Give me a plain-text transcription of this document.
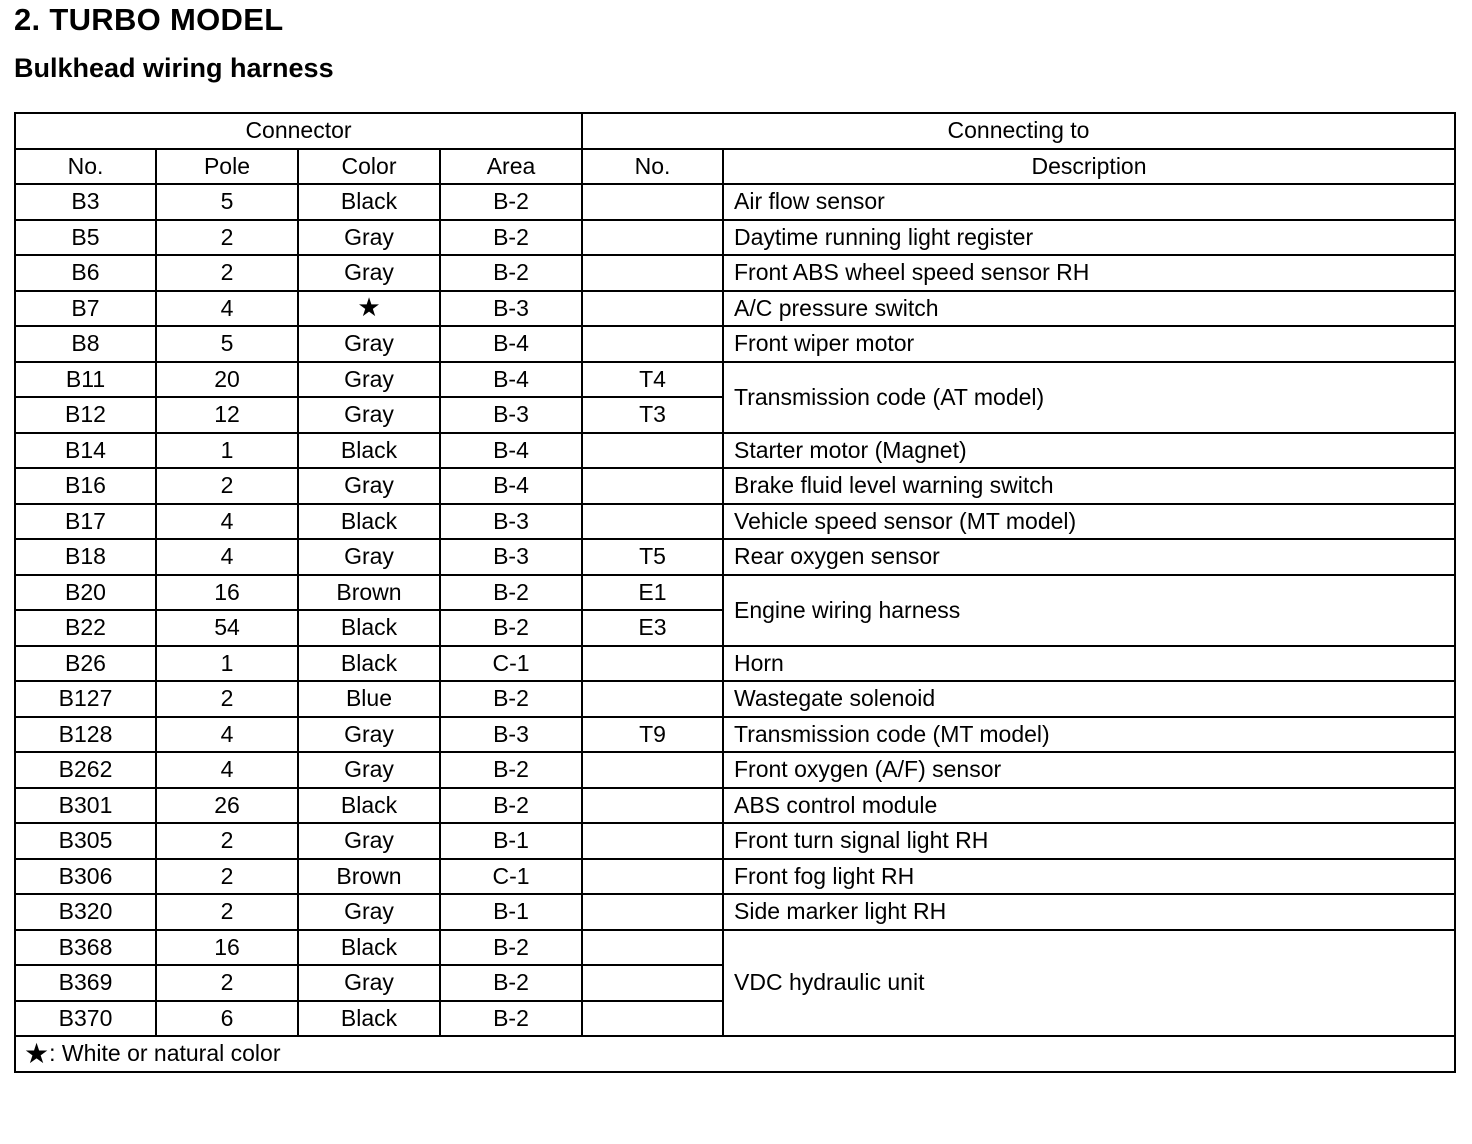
2. TURBO MODEL
Bulkhead wiring harness
Connector				Connecting to	
No.	Pole	Color	Area	No.	Description
B3	5	Black	B-2		Air flow sensor
B5	2	Gray	B-2		Daytime running light register
B6	2	Gray	B-2		Front ABS wheel speed sensor RH
B7	4	★	B-3		A/C pressure switch
B8	5	Gray	B-4		Front wiper motor
B11	20	Gray	B-4	T4	Transmission code (AT model)
B12	12	Gray	B-3	T3	
B14	1	Black	B-4		Starter motor (Magnet)
B16	2	Gray	B-4		Brake fluid level warning switch
B17	4	Black	B-3		Vehicle speed sensor (MT model)
B18	4	Gray	B-3	T5	Rear oxygen sensor
B20	16	Brown	B-2	E1	Engine wiring harness
B22	54	Black	B-2	E3	
B26	1	Black	C-1		Horn
B127	2	Blue	B-2		Wastegate solenoid
B128	4	Gray	B-3	T9	Transmission code (MT model)
B262	4	Gray	B-2		Front oxygen (A/F) sensor
B301	26	Black	B-2		ABS control module
B305	2	Gray	B-1		Front turn signal light RH
B306	2	Brown	C-1		Front fog light RH
B320	2	Gray	B-1		Side marker light RH
B368	16	Black	B-2		VDC hydraulic unit
B369	2	Gray	B-2		
B370	6	Black	B-2		
★: White or natural color					
